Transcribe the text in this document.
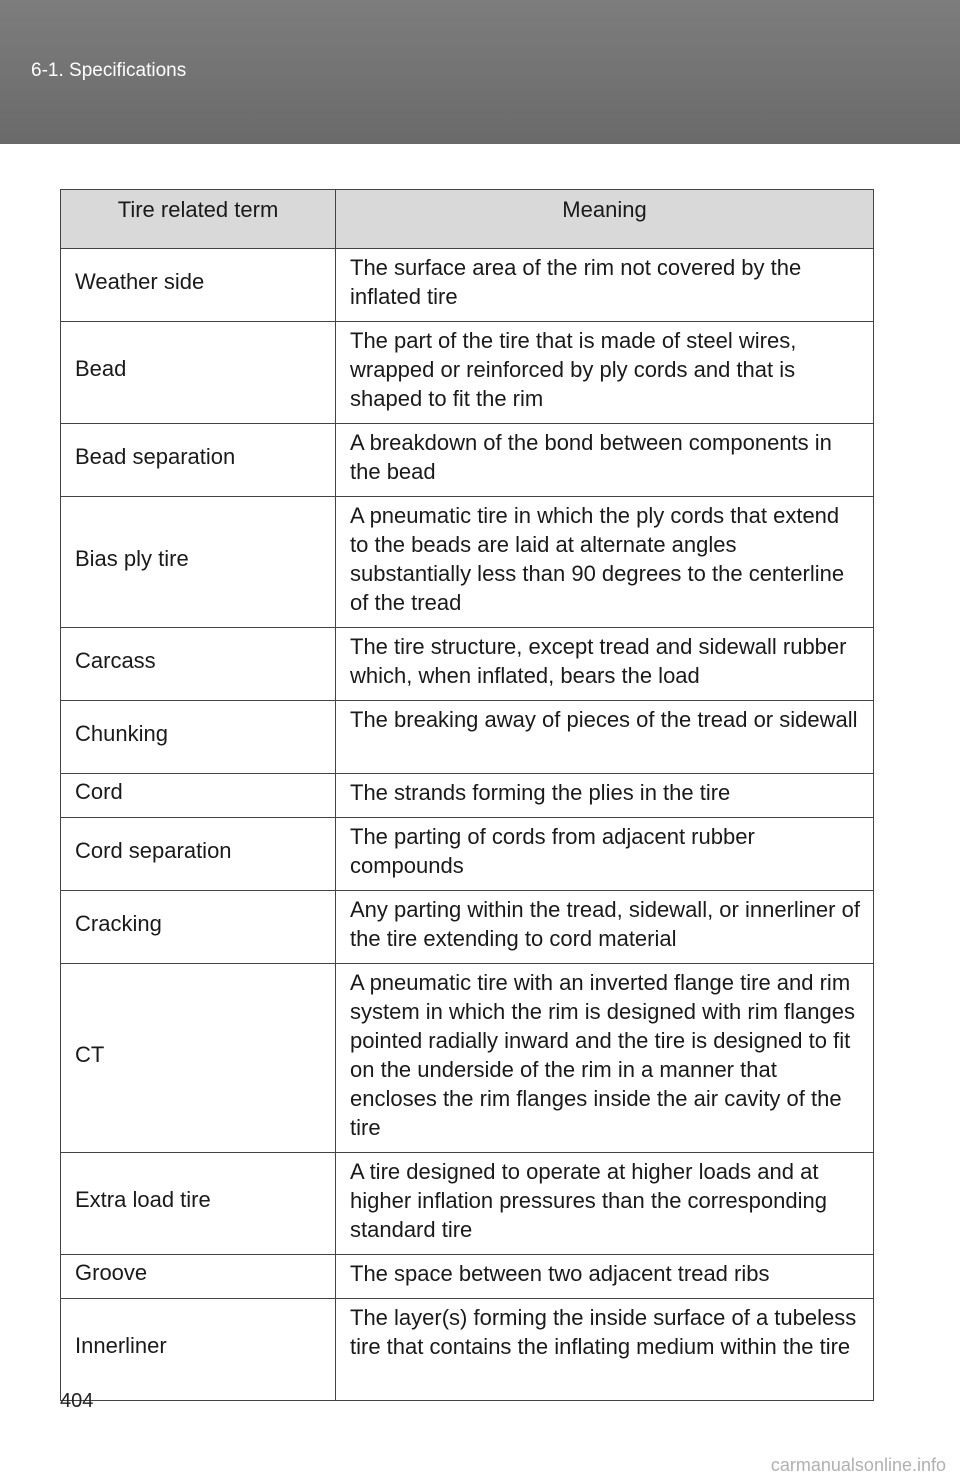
6-1. Specifications
Tire related term	Meaning
Weather side	The surface area of the rim not covered by the inflated tire
Bead	The part of the tire that is made of steel wires, wrapped or reinforced by ply cords and that is shaped to fit the rim
Bead separation	A breakdown of the bond between components in the bead
Bias ply tire	A pneumatic tire in which the ply cords that extend to the beads are laid at alternate angles substantially less than 90 degrees to the centerline of the tread
Carcass	The tire structure, except tread and sidewall rubber which, when inflated, bears the load
Chunking	The breaking away of pieces of the tread or sidewall
Cord	The strands forming the plies in the tire
Cord separation	The parting of cords from adjacent rubber compounds
Cracking	Any parting within the tread, sidewall, or innerliner of the tire extending to cord material
CT	A pneumatic tire with an inverted flange tire and rim system in which the rim is designed with rim flanges pointed radially inward and the tire is designed to fit on the underside of the rim in a manner that encloses the rim flanges inside the air cavity of the tire
Extra load tire	A tire designed to operate at higher loads and at higher inflation pressures than the corresponding standard tire
Groove	The space between two adjacent tread ribs
Innerliner	The layer(s) forming the inside surface of a tubeless tire that contains the inflating medium within the tire
404
carmanualsonline.info
